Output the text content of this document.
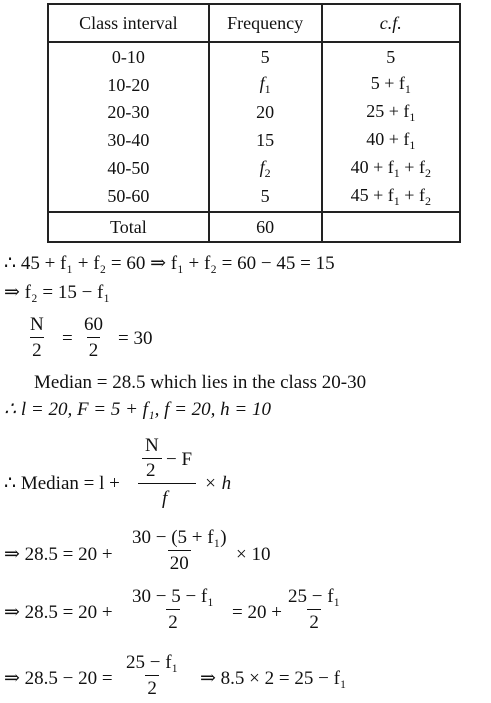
Class interval	Frequency	c.f.
0-10	5	5
10-20	$f_1$	$5 + f_1$
20-30	20	$25 + f_1$
30-40	15	$40 + f_1$
40-50	$f_2$	$40 + f_1 + f_2$
50-60	5	$45 + f_1 + f_2$
Total	60	
∴ 45 + f₁ + f₂ = 60 ⇒ f₁ + f₂ = 60 − 45 = 15
⇒ f₂ = 15 − f₁
$\frac{N}{2} = \frac{60}{2} = 30$
Median = 28.5 which lies in the class 20-30
∴ l = 20, F = 5 + f₁, f = 20, h = 10
∴ Median = l +
N
2
− F
f
× h
⇒ $28.5 = 20 + \frac{\text{30 − (5 + f₁)}}{20} \times 10$
⇒ $28.5 = 20 + \frac{\text{30 − 5 − f₁}}{2} = 20 + \frac{\text{25 − f₁}}{2}$
⇒ $28.5 - 20 = \frac{\text{25 − f₁}}{2}$ ⇒ 8.5 × 2 = 25 − f₁
